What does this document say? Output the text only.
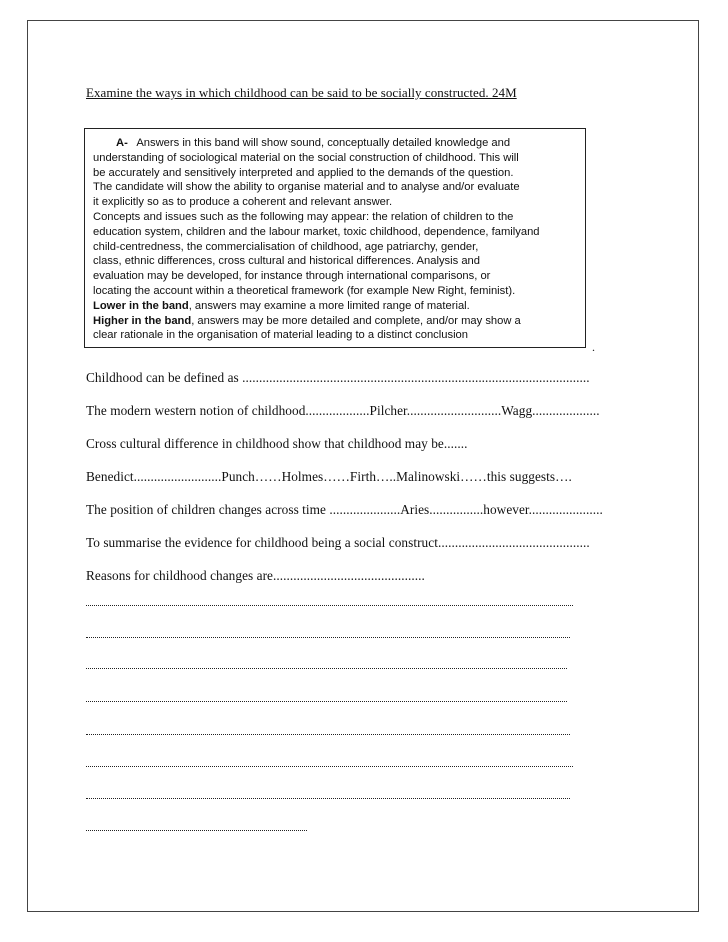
Examine the ways in which childhood can be said to be socially constructed. 24M
A- Answers in this band will show sound, conceptually detailed knowledge and
understanding of sociological material on the social construction of childhood. This will
be accurately and sensitively interpreted and applied to the demands of the question.
The candidate will show the ability to organise material and to analyse and/or evaluate
it explicitly so as to produce a coherent and relevant answer.
Concepts and issues such as the following may appear: the relation of children to the
education system, children and the labour market, toxic childhood, dependence, familyand
child-centredness, the commercialisation of childhood, age patriarchy, gender,
class, ethnic differences, cross cultural and historical differences. Analysis and
evaluation may be developed, for instance through international comparisons, or
locating the account within a theoretical framework (for example New Right, feminist).
Lower in the band, answers may examine a more limited range of material.
Higher in the band, answers may be more detailed and complete, and/or may show a
clear rationale in the organisation of material leading to a distinct conclusion
.
Childhood can be defined as .......................................................................................................
The modern western notion of childhood...................Pilcher............................Wagg....................
Cross cultural difference in childhood show that childhood may be.......
Benedict..........................Punch……Holmes……Firth…..Malinowski……this suggests….
The position of children changes across time .....................Aries................however......................
To summarise the evidence for childhood being a social construct.............................................
Reasons for childhood changes are.............................................
